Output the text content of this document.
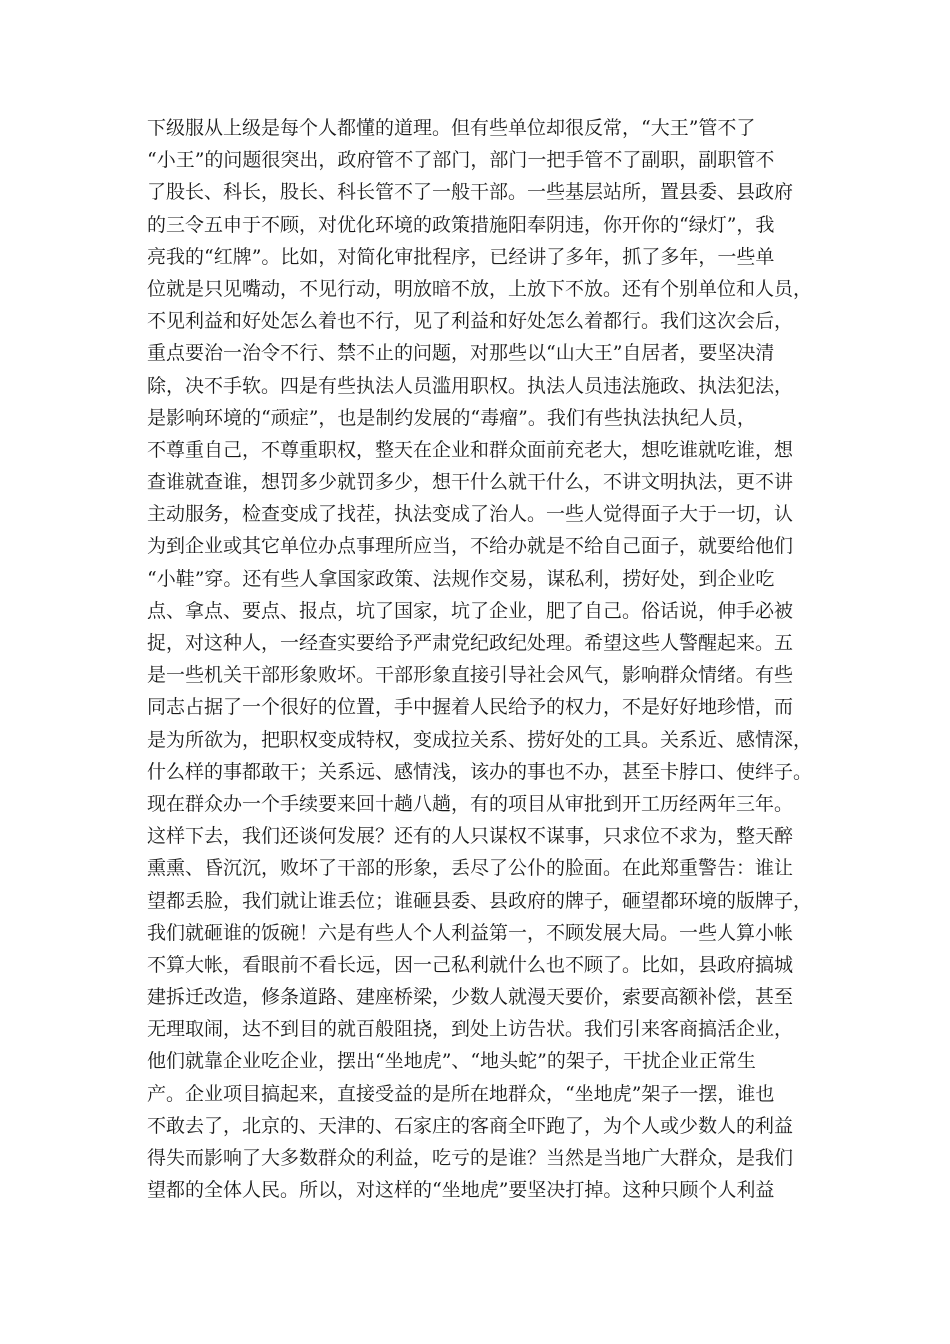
下级服从上级是每个人都懂的道理。但有些单位却很反常，“大王”管不了
“小王”的问题很突出，政府管不了部门，部门一把手管不了副职，副职管不
了股长、科长，股长、科长管不了一般干部。一些基层站所，置县委、县政府
的三令五申于不顾，对优化环境的政策措施阳奉阴违，你开你的“绿灯”，我
亮我的“红牌”。比如，对简化审批程序，已经讲了多年，抓了多年，一些单
位就是只见嘴动，不见行动，明放暗不放，上放下不放。还有个别单位和人员，
不见利益和好处怎么着也不行，见了利益和好处怎么着都行。我们这次会后，
重点要治一治令不行、禁不止的问题，对那些以“山大王”自居者，要坚决清
除，决不手软。四是有些执法人员滥用职权。执法人员违法施政、执法犯法，
是影响环境的“顽症”，也是制约发展的“毒瘤”。我们有些执法执纪人员，
不尊重自己，不尊重职权，整天在企业和群众面前充老大，想吃谁就吃谁，想
查谁就查谁，想罚多少就罚多少，想干什么就干什么，不讲文明执法，更不讲
主动服务，检查变成了找茬，执法变成了治人。一些人觉得面子大于一切，认
为到企业或其它单位办点事理所应当，不给办就是不给自己面子，就要给他们
“小鞋”穿。还有些人拿国家政策、法规作交易，谋私利，捞好处，到企业吃
点、拿点、要点、报点，坑了国家，坑了企业，肥了自己。俗话说，伸手必被
捉，对这种人，一经查实要给予严肃党纪政纪处理。希望这些人警醒起来。五
是一些机关干部形象败坏。干部形象直接引导社会风气，影响群众情绪。有些
同志占据了一个很好的位置，手中握着人民给予的权力，不是好好地珍惜，而
是为所欲为，把职权变成特权，变成拉关系、捞好处的工具。关系近、感情深，
什么样的事都敢干；关系远、感情浅，该办的事也不办，甚至卡脖口、使绊子。
现在群众办一个手续要来回十趟八趟，有的项目从审批到开工历经两年三年。
这样下去，我们还谈何发展？还有的人只谋权不谋事，只求位不求为，整天醉
熏熏、昏沉沉，败坏了干部的形象，丢尽了公仆的脸面。在此郑重警告：谁让
望都丢脸，我们就让谁丢位；谁砸县委、县政府的牌子，砸望都环境的版牌子，
我们就砸谁的饭碗！六是有些人个人利益第一，不顾发展大局。一些人算小帐
不算大帐，看眼前不看长远，因一己私利就什么也不顾了。比如，县政府搞城
建拆迁改造，修条道路、建座桥梁，少数人就漫天要价，索要高额补偿，甚至
无理取闹，达不到目的就百般阻挠，到处上访告状。我们引来客商搞活企业，
他们就靠企业吃企业，摆出“坐地虎”、“地头蛇”的架子，干扰企业正常生
产。企业项目搞起来，直接受益的是所在地群众，“坐地虎”架子一摆，谁也
不敢去了，北京的、天津的、石家庄的客商全吓跑了，为个人或少数人的利益
得失而影响了大多数群众的利益，吃亏的是谁？当然是当地广大群众，是我们
望都的全体人民。所以，对这样的“坐地虎”要坚决打掉。这种只顾个人利益
